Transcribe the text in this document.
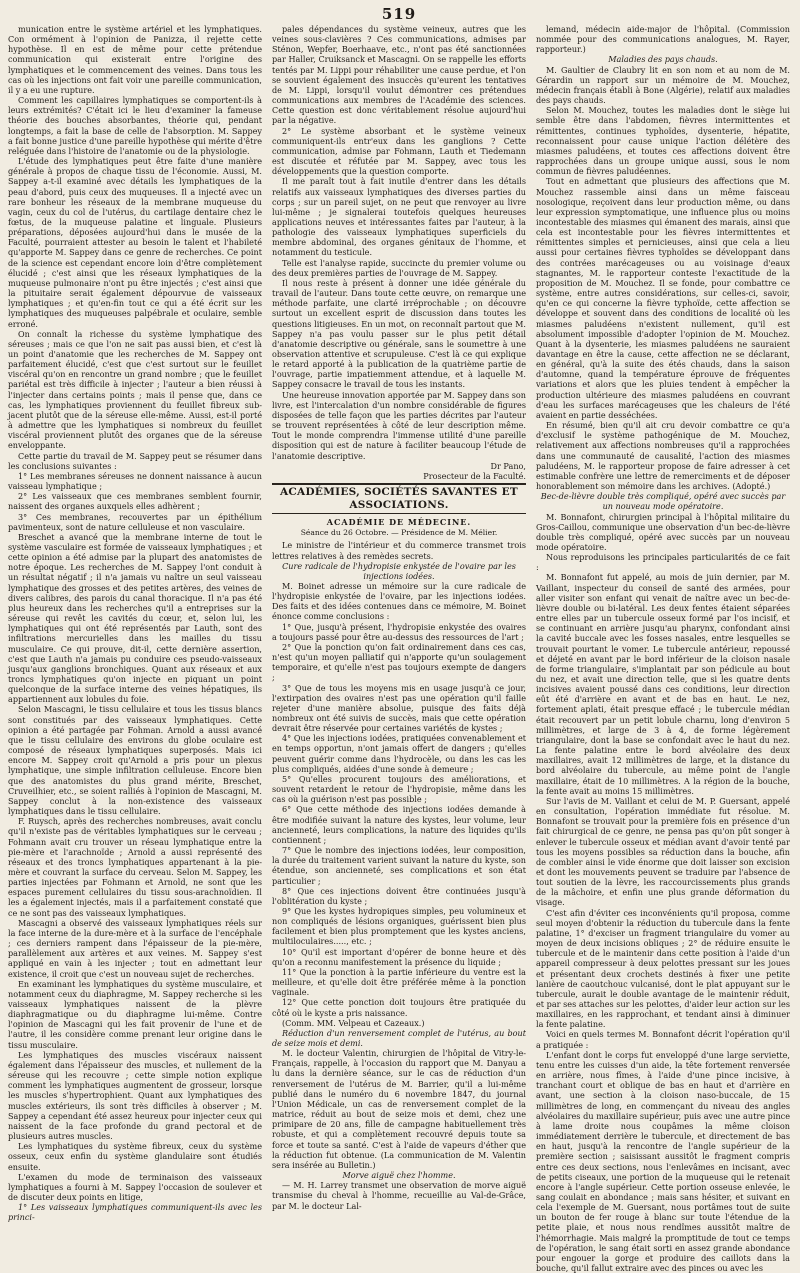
519

munication entre le système artériel et les lymphatiques. Con ormément à l'opinion de Panizza, il rejette cette hypothèse. Il en est de même pour cette prétendue communication qui existerait entre l'origine des lymphatiques et le commencement des veines. Dans tous les cas où les injections ont fait voir une pareille communication, il y a eu une rupture.

Comment les capillaires lymphatiques se comportent-ils à leurs extrémités? C'était ici le lieu d'examiner la fameuse théorie des bouches absorbantes, théorie qui, pendant longtemps, a fait la base de celle de l'absorption. M. Sappey a fait bonne justice d'une pareille hypothèse qui mérite d'être reléguée dans l'histoire de l'anatomie ou de la physiologie.

L'étude des lymphatiques peut être faite d'une manière générale à propos de chaque tissu de l'économie. Aussi, M. Sappey a-t-il examiné avec détails les lymphatiques de la peau d'abord, puis ceux des muqueuses. Il a injecté avec un rare bonheur les réseaux de la membrane muqueuse du vagin, ceux du col de l'utérus, du cartilage dentaire chez le fœtus, de la muqueuse palatine et linguale. Plusieurs préparations, déposées aujourd'hui dans le musée de la Faculté, pourraient attester au besoin le talent et l'habileté qu'apporte M. Sappey dans ce genre de recherches. Ce point de la science est cependant encore loin d'être complètement élucidé ; c'est ainsi que les réseaux lymphatiques de la muqueuse pulmonaire n'ont pu être injectés ; c'est ainsi que la pituitaire serait également dépourvue de vaisseaux lymphatiques ; et qu'en-fin tout ce qui a été écrit sur les lymphatiques des muqueuses palpébrale et oculaire, semble erroné.

On connaît la richesse du système lymphatique des séreuses ; mais ce que l'on ne sait pas aussi bien, et c'est là un point d'anatomie que les recherches de M. Sappey ont parfaitement élucidé, c'est que c'est surtout sur le feuillet viscéral qu'on en rencontre un grand nombre ; que le feuillet pariétal est très difficile à injecter ; l'auteur a bien réussi à l'injecter dans certains points ; mais il pense que, dans ce cas, les lymphatiques proviennent du feuillet fibreux sub-jacent plutôt que de la séreuse elle-même. Aussi, est-il porté à admettre que les lymphatiques si nombreux du feuillet viscéral proviennent plutôt des organes que de la séreuse enveloppante.

Cette partie du travail de M. Sappey peut se résumer dans les conclusions suivantes :

1° Les membranes séreuses ne donnent naissance à aucun vaisseau lymphatique ;

2° Les vaisseaux que ces membranes semblent fournir, naissent des organes auxquels elles adhèrent ;

3° Ces membranes, recouvertes par un épithélium pavimenteux, sont de nature celluleuse et non vasculaire.

Breschet a avancé que la membrane interne de tout le système vasculaire est formée de vaisseaux lymphatiques ; et cette opinion a été admise par la plupart des anatomistes de notre époque. Les recherches de M. Sappey l'ont conduit à un résultat négatif ; il n'a jamais vu naître un seul vaisseau lymphatique des grosses et des petites artères, des veines de divers calibres, des parois du canal thoracique. Il n'a pas été plus heureux dans les recherches qu'il a entreprises sur la séreuse qui revêt les cavités du cœur, et, selon lui, les lymphatiques qui ont été représentés par Lauth, sont des infiltrations mercurielles dans les mailles du tissu musculaire. Ce qui prouve, dit-il, cette dernière assertion, c'est que Lauth n'a jamais pu conduire ces pseudo-vaisseaux jusqu'aux ganglions bronchiques. Quant aux réseaux et aux troncs lymphatiques qu'on injecte en piquant un point quelconque de la surface interne des veines hépatiques, ils appartiennent aux lobules du foie.

Selon Mascagni, le tissu cellulaire et tous les tissus blancs sont constitués par des vaisseaux lymphatiques. Cette opinion a été partagée par Fohman. Arnold a aussi avancé que le tissu cellulaire des environs du globe oculaire est composé de réseaux lymphatiques superposés. Mais ici encore M. Sappey croit qu'Arnold a pris pour un plexus lymphatique, une simple infiltration celluleuse. Encore bien que des anatomistes du plus grand mérite, Breschet, Cruveilhier, etc., se soient ralliés à l'opinion de Mascagni, M. Sappey conclut à la non-existence des vaisseaux lymphatiques dans le tissu cellulaire.

F. Ruysch, après des recherches nombreuses, avait conclu qu'il n'existe pas de véritables lymphatiques sur le cerveau ; Fohmann avait cru trouver un réseau lymphatique entre la pie-mère et l'arachnoïde ; Arnold a aussi représenté des réseaux et des troncs lymphatiques appartenant à la pie-mère et couvrant la surface du cerveau. Selon M. Sappey, les parties injectées par Fohmann et Arnold, ne sont que les espaces purement cellulaires du tissu sous-arachnoïdien. Il les a également injectés, mais il a parfaitement constaté que ce ne sont pas des vaisseaux lymphatiques.

Mascagni a observé des vaisseaux lymphatiques réels sur la face interne de la dure-mère et à la surface de l'encéphale ; ces derniers rampent dans l'épaisseur de la pie-mère, parallèlement aux artères et aux veines. M. Sappey s'est appliqué en vain à les injecter ; tout en admettant leur existence, il croit que c'est un nouveau sujet de recherches.

En examinant les lymphatiques du système musculaire, et notamment ceux du diaphragme, M. Sappey recherche si les vaisseaux lymphatiques naissent de la plèvre diaphragmatique ou du diaphragme lui-même. Contre l'opinion de Mascagni qui les fait provenir de l'une et de l'autre, il les considère comme prenant leur origine dans le tissu musculaire.

Les lymphatiques des muscles viscéraux naissent également dans l'épaisseur des muscles, et nullement de la séreuse qui les recouvre ; cette simple notion explique comment les lymphatiques augmentent de grosseur, lorsque les muscles s'hypertrophient. Quant aux lymphatiques des muscles extérieurs, ils sont très difficiles à observer ; M. Sappey a cependant été assez heureux pour injecter ceux qui naissent de la face profonde du grand pectoral et de plusieurs autres muscles.

Les lymphatiques du système fibreux, ceux du système osseux, ceux enfin du système glandulaire sont étudiés ensuite.

L'examen du mode de terminaison des vaisseaux lymphatiques a fourni à M. Sappey l'occasion de soulever et de discuter deux points en litige,

1° Les vaisseaux lymphatiques communiquent-ils avec les princi-

pales dépendances du système veineux, autres que les veines sous-clavières ? Ces communications, admises par Sténon, Wepfer, Boerhaave, etc., n'ont pas été sanctionnées par Haller, Cruiksanck et Mascagni. On se rappelle les efforts tentés par M. Lippi pour réhabiliter une cause perdue, et l'on se souvient également des insuccès qu'eurent les tentatives de M. Lippi, lorsqu'il voulut démontrer ces prétendues communications aux membres de l'Académie des sciences. Cette question est donc véritablement résolue aujourd'hui par la négative.

2° Le système absorbant et le système veineux communiquent-ils entr'eux dans les ganglions ? Cette communication, admise par Fohmann, Lauth et Tiedemann est discutée et réfutée par M. Sappey, avec tous les développements que la question comporte.

Il me paraît tout à fait inutile d'entrer dans les détails relatifs aux vaisseaux lymphatiques des diverses parties du corps ; sur un pareil sujet, on ne peut que renvoyer au livre lui-même ; je signalerai toutefois quelques heureuses applications neuves et intéressantes faites par l'auteur, à la pathologie des vaisseaux lymphatiques superficiels du membre abdominal, des organes génitaux de l'homme, et notamment du testicule.

Telle est l'analyse rapide, succincte du premier volume ou des deux premières parties de l'ouvrage de M. Sappey.

Il nous reste à présent à donner une idée générale du travail de l'auteur. Dans toute cette œuvre, on remarque une méthode parfaite, une clarté irréprochable ; on découvre surtout un excellent esprit de discussion dans toutes les questions litigieuses. En un mot, on reconnaît partout que M. Sappey n'a pas voulu passer sur le plus petit détail d'anatomie descriptive ou générale, sans le soumettre à une observation attentive et scrupuleuse. C'est là ce qui explique le retard apporté à la publication de la quatrième partie de l'ouvrage, partie impatiemment attendue, et à laquelle M. Sappey consacre le travail de tous les instants.

Une heureuse innovation apportée par M. Sappey dans son livre, est l'intercalation d'un nombre considérable de figures disposées de telle façon que les parties décrites par l'auteur se trouvent représentées à côté de leur description même. Tout le monde comprendra l'immense utilité d'une pareille disposition qui est de nature à faciliter beaucoup l'étude de l'anatomie descriptive.

Dr Pano,

Prosecteur de la Faculté.

ACADÉMIES, SOCIÉTÉS SAVANTES ET ASSOCIATIONS.
ACADÉMIE DE MÉDECINE.
Séance du 26 Octobre. — Présidence de M. Mélier.

Le ministre de l'intérieur et du commerce transmet trois lettres relatives à des remèdes secrets.

Cure radicale de l'hydropisie enkystée de l'ovaire par les injections iodées.

M. Boinet adresse un mémoire sur la cure radicale de l'hydropisie enkystée de l'ovaire, par les injections iodées. Des faits et des idées contenues dans ce mémoire, M. Boinet énonce comme conclusions :

1° Que, jusqu'à présent, l'hydropisie enkystée des ovaires a toujours passé pour être au-dessus des ressources de l'art ;

2° Que la ponction qu'on fait ordinairement dans ces cas, n'est qu'un moyen palliatif qui n'apporte qu'un soulagement temporaire, et qu'elle n'est pas toujours exempte de dangers ;

3° Que de tous les moyens mis en usage jusqu'à ce jour, l'extirpation des ovaires n'est pas une opération qu'il faille rejeter d'une manière absolue, puisque des faits déjà nombreux ont été suivis de succès, mais que cette opération devrait être réservée pour certaines variétés de kystes ;

4° Que les injections iodées, pratiquées convenablement et en temps opportun, n'ont jamais offert de dangers ; qu'elles peuvent guérir comme dans l'hydrocèle, ou dans les cas les plus compliqués, aidées d'une sonde à demeure ;

5° Qu'elles procurent toujours des améliorations, et souvent retardent le retour de l'hydropisie, même dans les cas où la guérison n'est pas possible ;

6° Que cette méthode des injections iodées demande à être modifiée suivant la nature des kystes, leur volume, leur ancienneté, leurs complications, la nature des liquides qu'ils contiennent ;

7° Que le nombre des injections iodées, leur composition, la durée du traitement varient suivant la nature du kyste, son étendue, son ancienneté, ses complications et son état particulier ;

8° Que ces injections doivent être continuées jusqu'à l'oblitération du kyste ;

9° Que les kystes hydropiques simples, peu volumineux et non compliqués de lésions organiques, guérissent bien plus facilement et bien plus promptement que les kystes anciens, multiloculaires....., etc. ;

10° Qu'il est important d'opérer de bonne heure et dès qu'on a reconnu manifestement la présence du liquide ;

11° Que la ponction à la partie inférieure du ventre est la meilleure, et qu'elle doit être préférée même à la ponction vaginale.

12° Que cette ponction doit toujours être pratiquée du côté où le kyste a pris naissance.

(Comm. MM. Velpeau et Cazeaux.)

Réduction d'un renversement complet de l'utérus, au bout de seize mois et demi.

M. le docteur Valentin, chirurgien de l'hôpital de Vitry-le-Français, rappelle, à l'occasion du rapport que M. Danyau a lu dans la dernière séance, sur le cas de réduction d'un renversement de l'utérus de M. Barrier, qu'il a lui-même publié dans le numéro du 6 novembre 1847, du journal l'Union Médicale, un cas de renversement complet de la matrice, réduit au bout de seize mois et demi, chez une primipare de 20 ans, fille de campagne habituellement très robuste, et qui a complètement recouvré depuis toute sa force et toute sa santé. C'est à l'aide de vapeurs d'éther que la réduction fut obtenue. (La communication de M. Valentin sera insérée au Bulletin.)

Morve aiguë chez l'homme.

— M. H. Larrey transmet une observation de morve aiguë transmise du cheval à l'homme, recueillie au Val-de-Grâce, par M. le docteur Lal-

lemand, médecin aide-major de l'hôpital. (Commission nommée pour des communications analogues, M. Rayer, rapporteur.)

Maladies des pays chauds.

M. Gaultier de Claubry lit en son nom et au nom de M. Gérardin un rapport sur un mémoire de M. Mouchez, médecin français établi à Bone (Algérie), relatif aux maladies des pays chauds.

Selon M. Mouchez, toutes les maladies dont le siège lui semble être dans l'abdomen, fièvres intermittentes et rémittentes, continues typhoïdes, dysenterie, hépatite, reconnaissent pour cause unique l'action délétère des miasmes paludéens, et toutes ces affections doivent être rapprochées dans un groupe unique aussi, sous le nom commun de fièvres paludéennes.

Tout en admettant que plusieurs des affections que M. Mouchez rassemble ainsi dans un même faisceau nosologique, reçoivent dans leur production même, ou dans leur expression symptomatique, une influence plus ou moins incontestable des miasmes qui émanent des marais, ainsi que cela est incontestable pour les fièvres intermittentes et rémittentes simples et pernicieuses, ainsi que cela a lieu aussi pour certaines fièvres typhoïdes se développant dans des contrées marécageuses ou au voisinage d'eaux stagnantes, M. le rapporteur conteste l'exactitude de la proposition de M. Mouchez. Il se fonde, pour combattre ce système, entre autres considérations, sur celles-ci, savoir, qu'en ce qui concerne la fièvre typhoïde, cette affection se développe et souvent dans des conditions de localité où les miasmes paludéens n'existent nullement, qu'il est absolument impossible d'adopter l'opinion de M. Mouchez. Quant à la dysenterie, les miasmes paludéens ne sauraient davantage en être la cause, cette affection ne se déclarant, en général, qu'à la suite des étés chauds, dans la saison d'automne, quand la température éprouve de fréquentes variations et alors que les pluies tendent à empêcher la production ultérieure des miasmes paludéens en couvrant d'eau les surfaces marécageuses que les chaleurs de l'été avaient en partie desséchées.

En résumé, bien qu'il ait cru devoir combattre ce qu'a d'exclusif le système pathogénique de M. Mouchez, relativement aux affections nombreuses qu'il a rapprochées dans une communauté de causalité, l'action des miasmes paludéens, M. le rapporteur propose de faire adresser à cet estimable confrère une lettre de remerciments et de déposer honorablement son mémoire dans les archives. (Adopté.)

Bec-de-lièvre double très compliqué, opéré avec succès par un nouveau mode opératoire.

M. Bonnafont, chirurgien principal à l'hôpital militaire du Gros-Caillou, communique une observation d'un bec-de-lièvre double très compliqué, opéré avec succès par un nouveau mode opératoire.

Nous reproduisons les principales particularités de ce fait :

M. Bonnafont fut appelé, au mois de juin dernier, par M. Vaillant, inspecteur du conseil de santé des armées, pour aller visiter son enfant qui venait de naître avec un bec-de-lièvre double ou bi-latéral. Les deux fentes étaient séparées entre elles par un tubercule osseux formé par l'os incisif, et se continuant en arrière jusqu'au pharynx, confondant ainsi la cavité buccale avec les fosses nasales, entre lesquelles se trouvait pourtant le vomer. Le tubercule antérieur, repoussé et déjeté en avant par le bord inférieur de la cloison nasale de forme triangulaire, s'implantait par son pédicule au bout du nez, et avait une direction telle, que si les quatre dents incisives avaient poussé dans ces conditions, leur direction eût été d'arrière en avant et de bas en haut. Le nez, fortement aplati, était presque effacé ; le tubercule médian était recouvert par un petit lobule charnu, long d'environ 5 millimètres, et large de 3 à 4, de forme légèrement triangulaire, dont la base se confondait avec le haut du nez. La fente palatine entre le bord alvéolaire des deux maxillaires, avait 12 millimètres de large, et la distance du bord alvéolaire du tubercule, au même point de l'angle maxillaire, était de 10 millimètres. A la région de la bouche, la fente avait au moins 15 millimètres.

Sur l'avis de M. Vaillant et celui de M. P. Guersant, appelé en consultation, l'opération immédiate fut résolue. M. Bonnafont se trouvait pour la première fois en présence d'un fait chirurgical de ce genre, ne pensa pas qu'on pût songer à enlever le tubercule osseux et médian avant d'avoir tenté par tous les moyens possibles sa réduction dans la bouche, afin de combler ainsi le vide énorme que doit laisser son excision et dont les mouvements peuvent se traduire par l'absence de tout soutien de la lèvre, les raccourcissements plus grands de la mâchoire, et enfin une plus grande déformation du visage.

C'est afin d'éviter ces inconvénients qu'il proposa, comme seul moyen d'obtenir la réduction du tubercule dans la fente palatine, 1° d'exciser un fragment triangulaire du vomer au moyen de deux incisions obliques ; 2° de réduire ensuite le tubercule et de le maintenir dans cette position à l'aide d'un appareil compresseur à deux pelottes pressant sur les joues et présentant deux crochets destinés à fixer une petite lanière de caoutchouc vulcanisé, dont le plat appuyant sur le tubercule, aurait le double avantage de le maintenir réduit, et par ses attaches sur les pelottes, d'aider leur action sur les maxillaires, en les rapprochant, et tendant ainsi à diminuer la fente palatine.

Voici en quels termes M. Bonnafont décrit l'opération qu'il a pratiquée :

L'enfant dont le corps fut enveloppé d'une large serviette, tenu entre les cuisses d'un aide, la tête fortement renversée en arrière, nous fîmes, à l'aide d'une pince incisive, à tranchant court et oblique de bas en haut et d'arrière en avant, une section à la cloison naso-buccale, de 15 millimètres de long, en commençant du niveau des angles alvéolaires du maxillaire supérieur, puis avec une autre pince à lame droite nous coupâmes la même cloison immédiatement derrière le tubercule, et directement de bas en haut, jusqu'à la rencontre de l'angle supérieur de la première section ; saisissant aussitôt le fragment compris entre ces deux sections, nous l'enlevâmes en incisant, avec de petits ciseaux, une portion de la muqueuse qui le retenait encore à l'angle supérieur. Cette portion osseuse enlevée, le sang coulait en abondance ; mais sans hésiter, et suivant en cela l'exemple de M. Guersant, nous portâmes tout de suite un bouton de fer rouge à blanc sur toute l'étendue de la petite plaie, et nous nous rendîmes aussitôt maître de l'hémorrhagie. Mais malgré la promptitude de tout ce temps de l'opération, le sang était sorti en assez grande abondance pour engouer la gorge et produire des caillots dans la bouche, qu'il fallut extraire avec des pinces ou avec les
